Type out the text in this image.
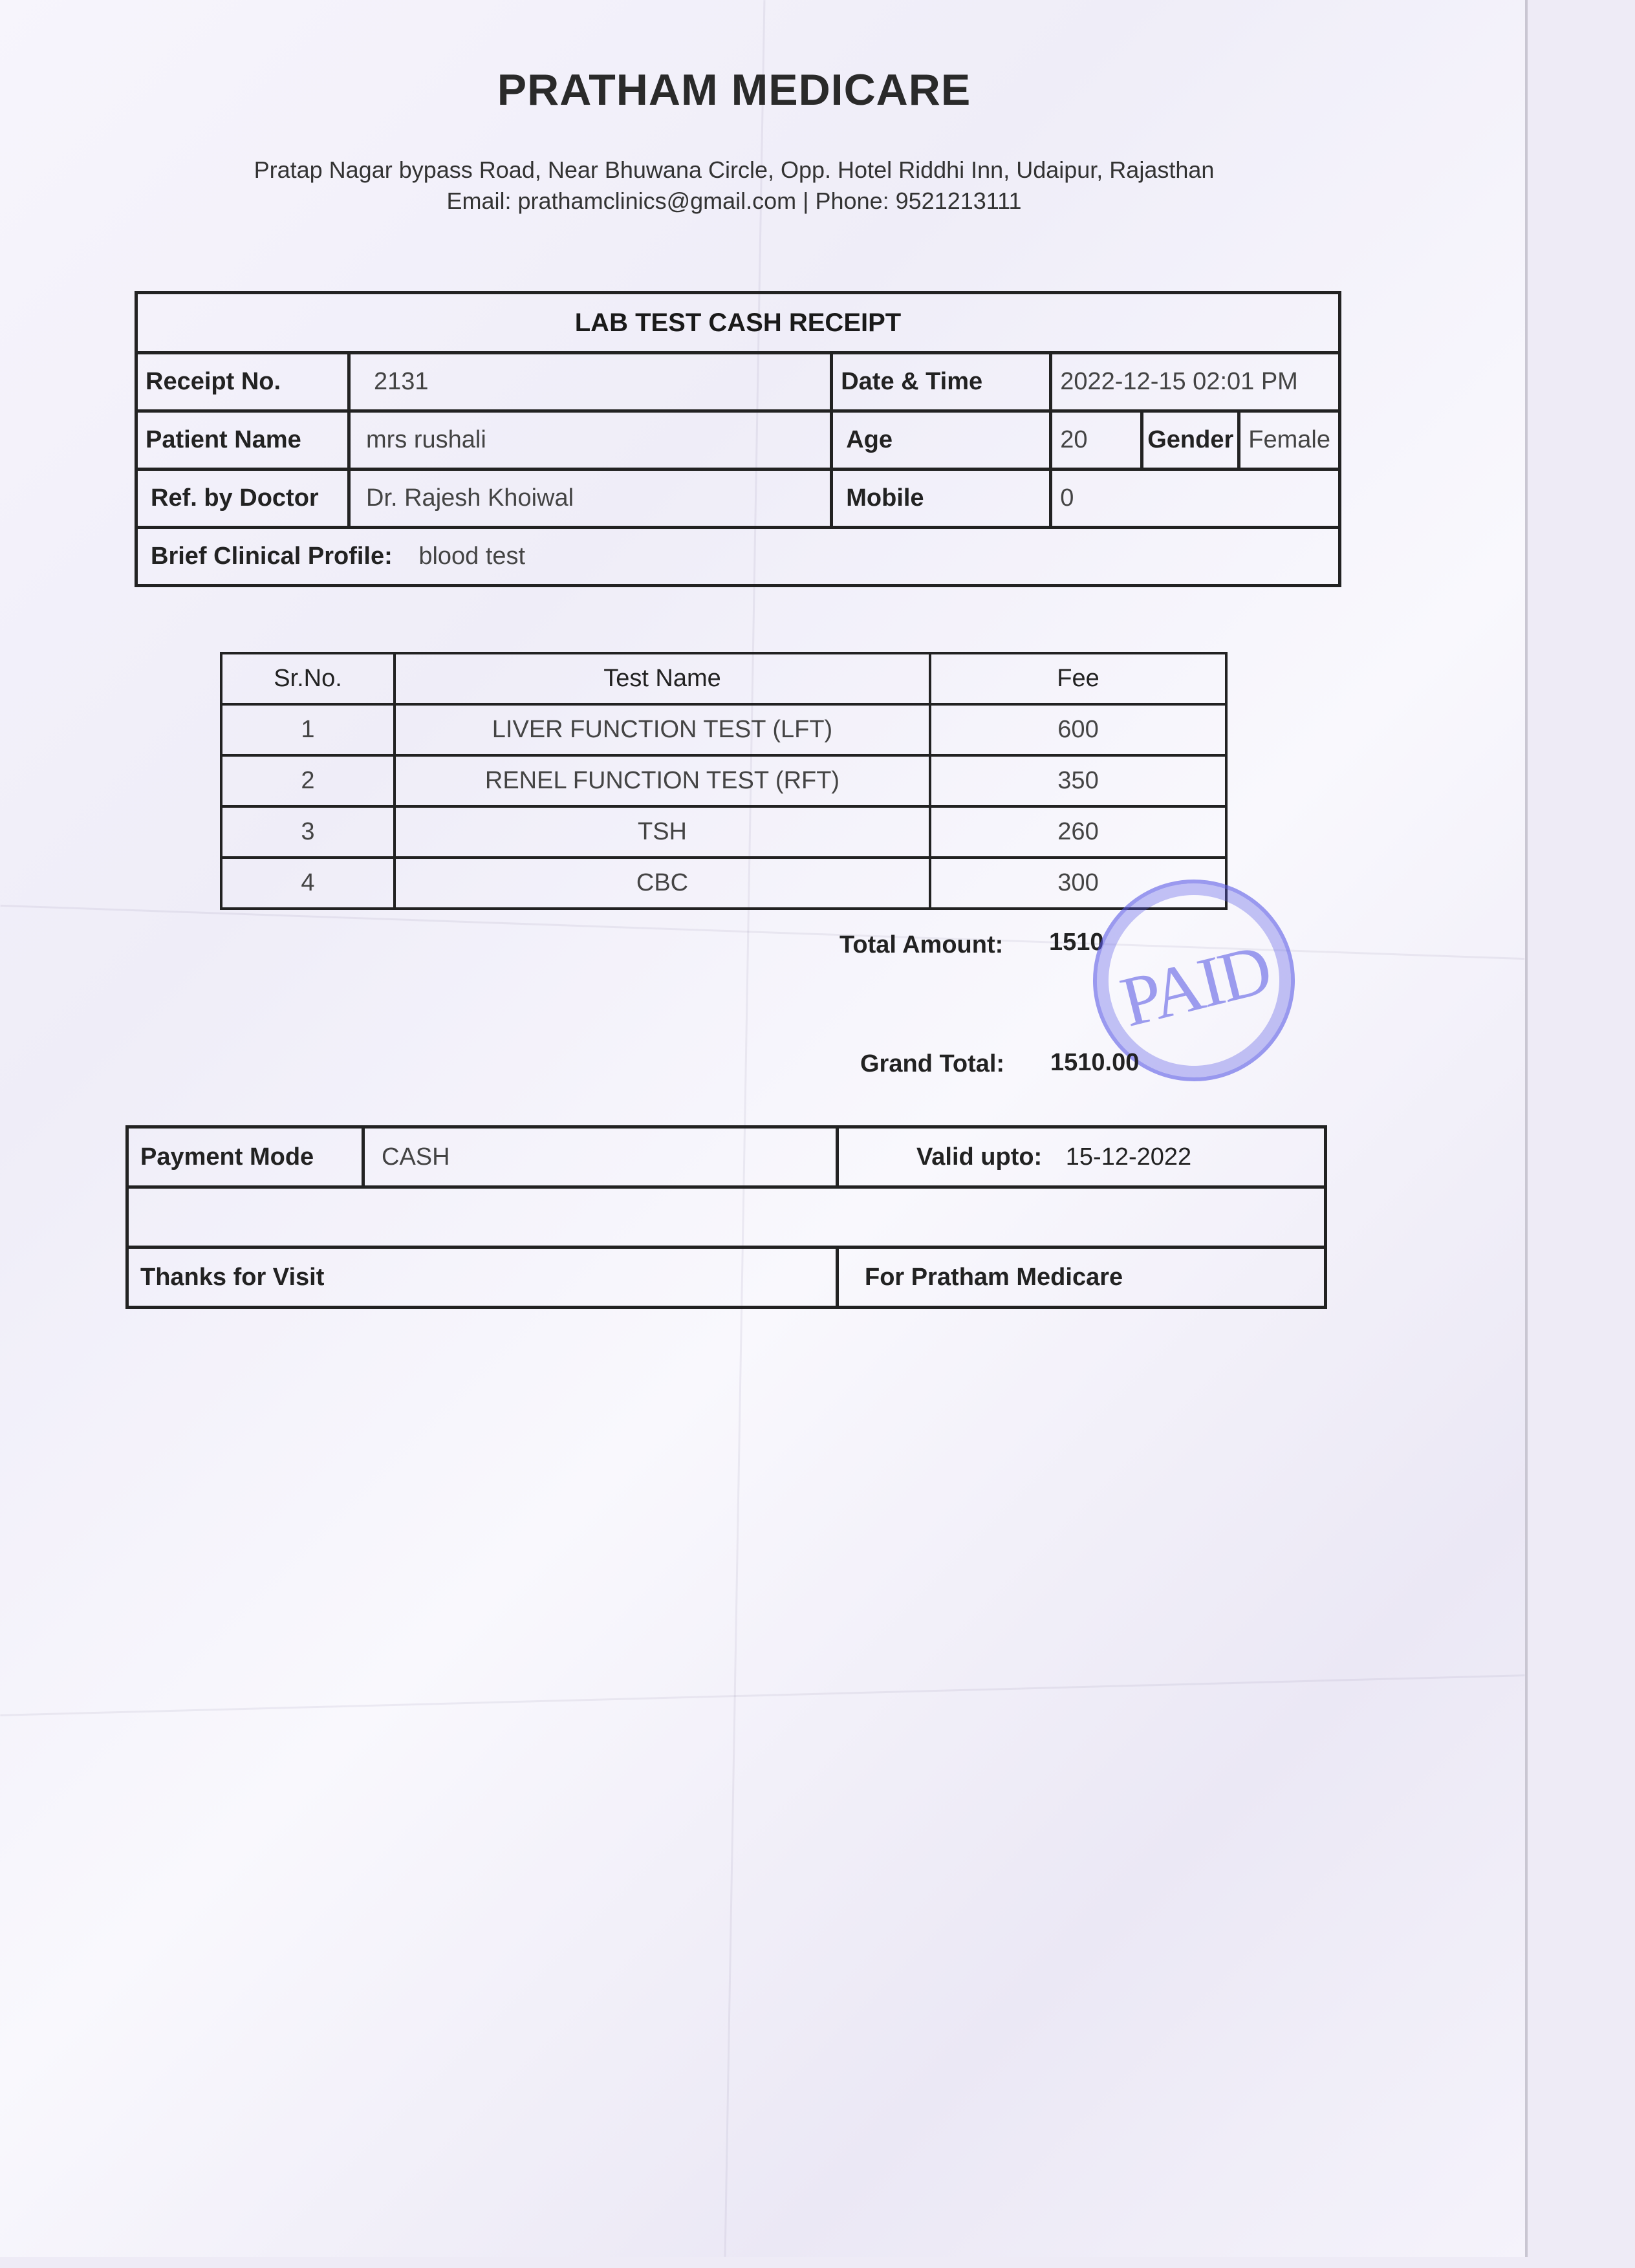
PRATHAM MEDICARE
Pratap Nagar bypass Road, Near Bhuwana Circle, Opp. Hotel Riddhi Inn, Udaipur, Rajasthan
Email: prathamclinics@gmail.com | Phone: 9521213111
LAB TEST CASH RECEIPT					
Receipt No.	2131	Date & Time	2022-12-15 02:01 PM		
Patient Name	mrs rushali	Age	20	Gender	Female
Ref. by Doctor	Dr. Rajesh Khoiwal	Mobile	0		
Brief Clinical Profile: blood test					
Sr.No.	Test Name	Fee
1	LIVER FUNCTION TEST (LFT)	600
2	RENEL FUNCTION TEST (RFT)	350
3	TSH	260
4	CBC	300
Total Amount: 1510 PAID
Grand Total: 1510.00
Payment Mode	CASH	Valid upto: 15-12-2022

Thanks for Visit		For Pratham Medicare
